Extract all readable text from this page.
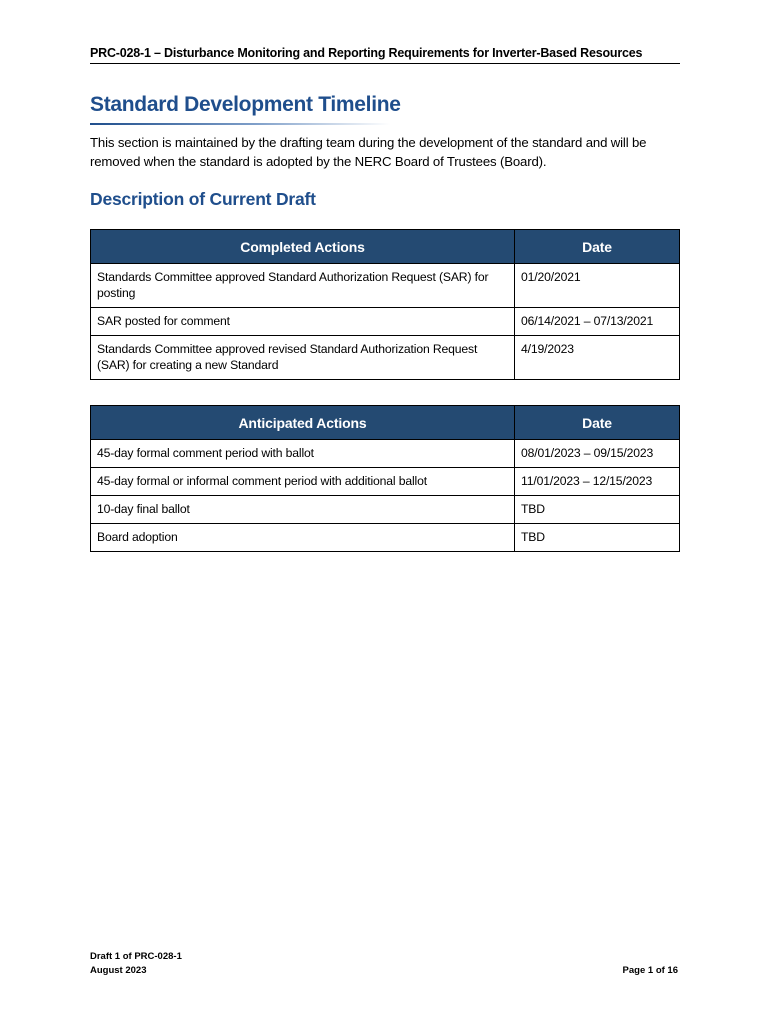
PRC-028-1 – Disturbance Monitoring and Reporting Requirements for Inverter-Based Resources
Standard Development Timeline
This section is maintained by the drafting team during the development of the standard and will be removed when the standard is adopted by the NERC Board of Trustees (Board).
Description of Current Draft
Completed Actions	Date
Standards Committee approved Standard Authorization Request (SAR) for posting	01/20/2021
SAR posted for comment	06/14/2021 – 07/13/2021
Standards Committee approved revised Standard Authorization Request (SAR) for creating a new Standard	4/19/2023
Anticipated Actions	Date
45-day formal comment period with ballot	08/01/2023 – 09/15/2023
45-day formal or informal comment period with additional ballot	11/01/2023 – 12/15/2023
10-day final ballot	TBD
Board adoption	TBD
Draft 1 of PRC-028-1
August 2023	Page 1 of 16
